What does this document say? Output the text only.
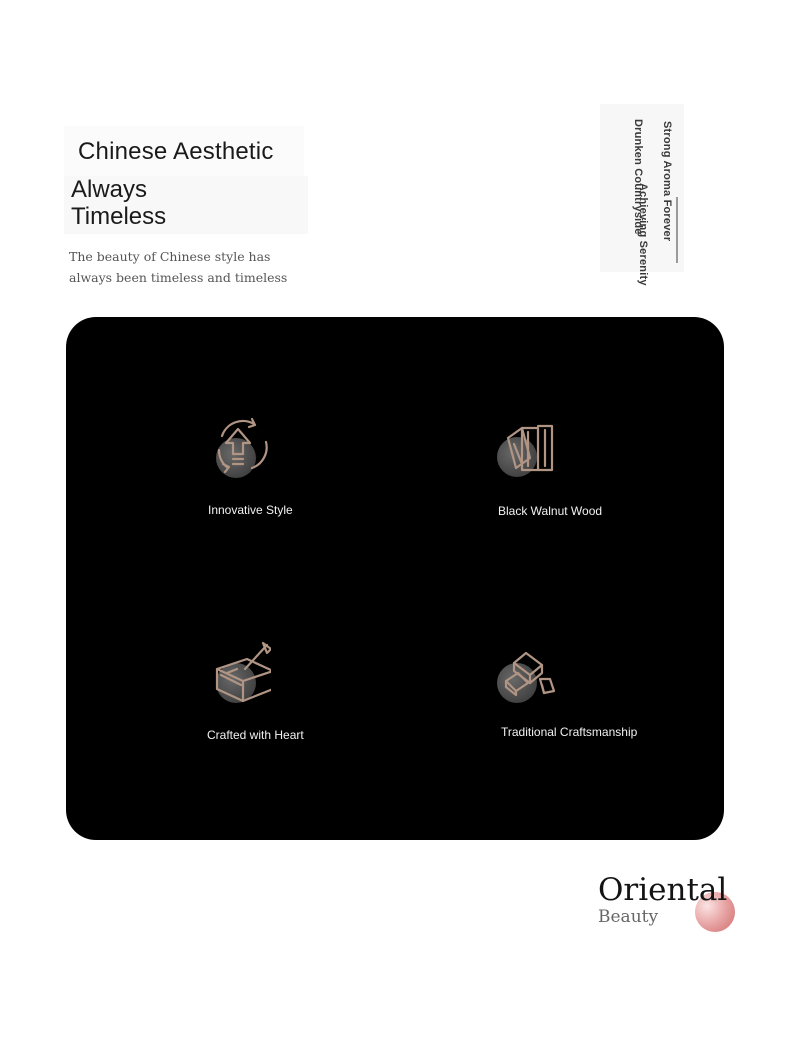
Chinese Aesthetic
Always
Timeless
The beauty of Chinese style has
always been timeless and timeless
Strong Aroma Forever
Drunken Countryside
Achieving Serenity
Innovative Style	Black Walnut Wood
Crafted with Heart	Traditional Craftsmanship
Oriental
Beauty
